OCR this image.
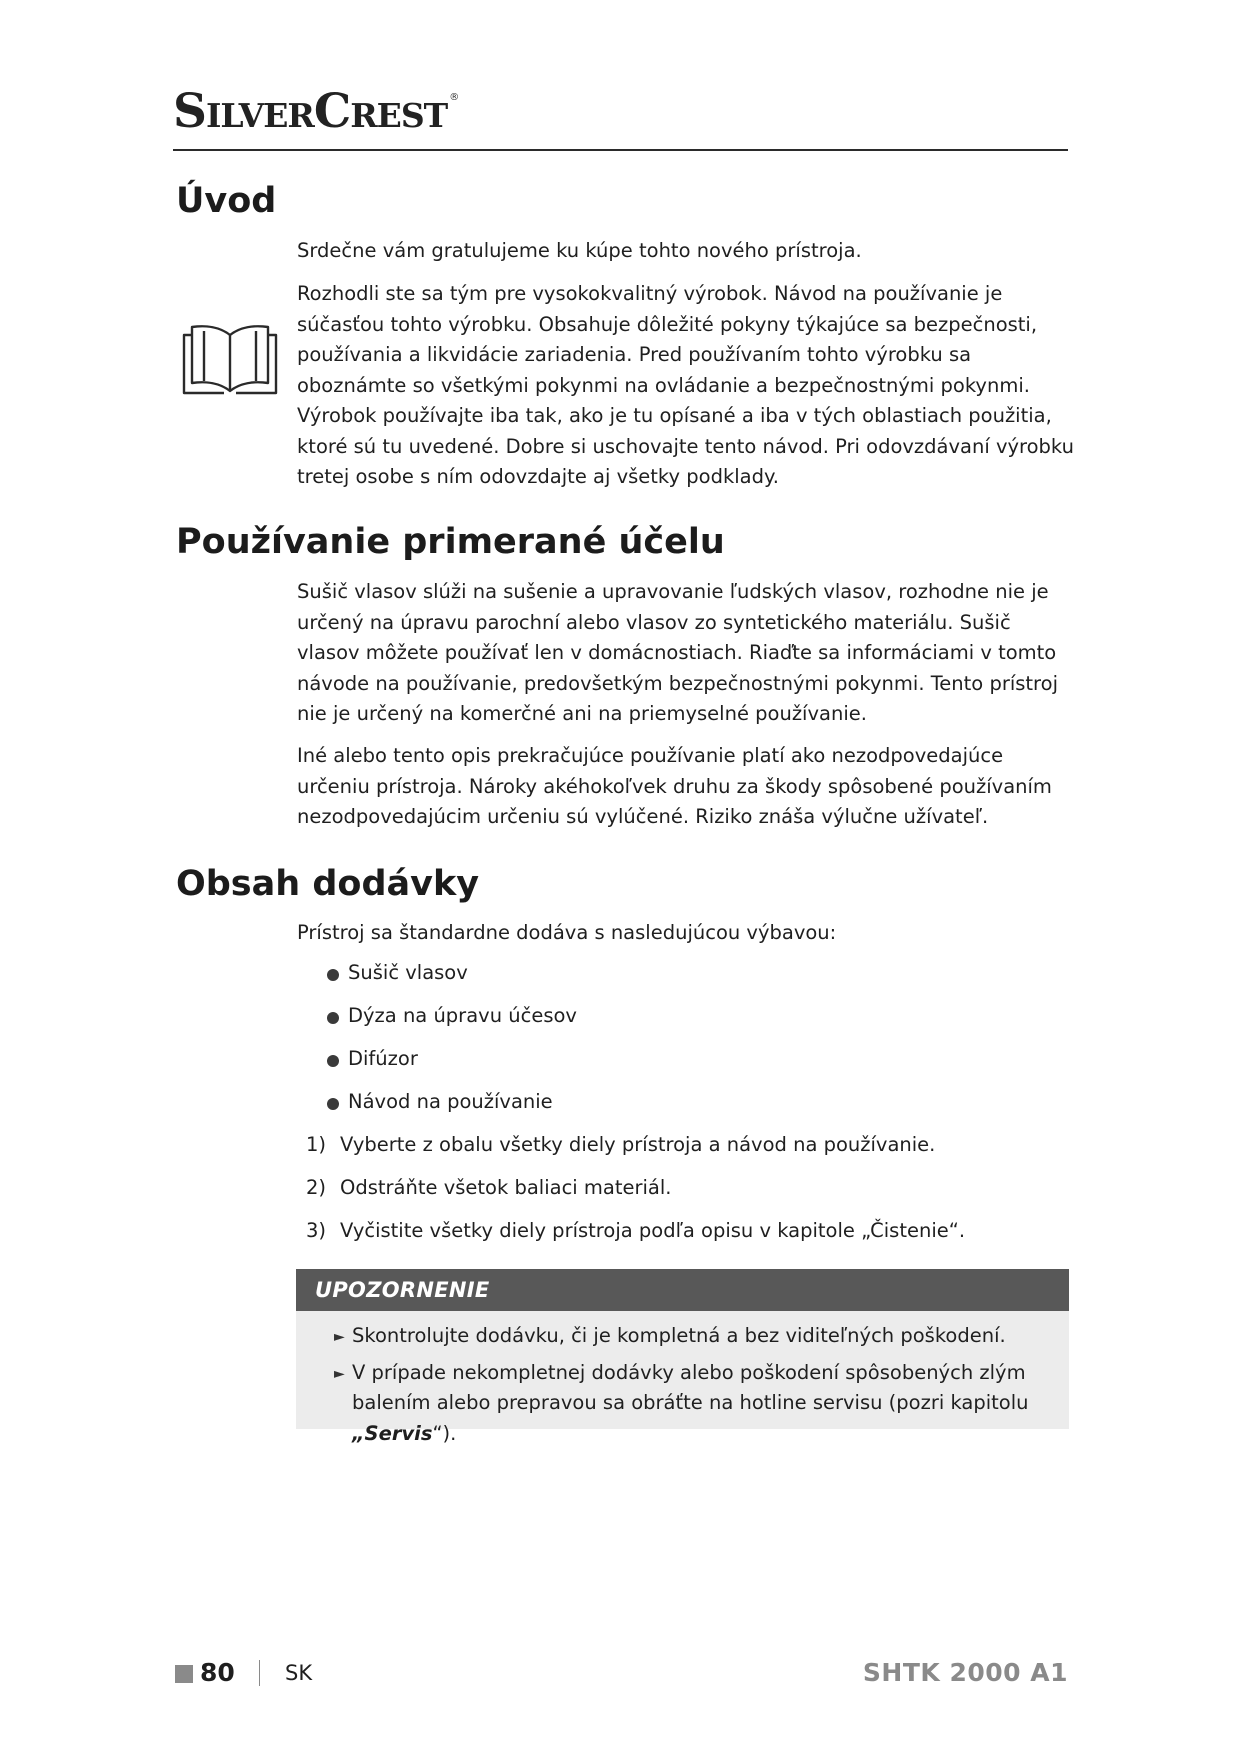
SilverCrest ®
Úvod

Srdečne vám gratulujeme ku kúpe tohto nového prístroja.

Rozhodli ste sa tým pre vysokokvalitný výrobok. Návod na používanie je súčasťou tohto výrobku. Obsahuje dôležité pokyny týkajúce sa bezpečnosti, používania a likvidácie zariadenia. Pred používaním tohto výrobku sa oboznámte so všetkými pokynmi na ovládanie a bezpečnostnými pokynmi. Výrobok používajte iba tak, ako je tu opísané a iba v tých oblastiach použitia, ktoré sú tu uvedené. Dobre si uschovajte tento návod. Pri odovzdávaní výrobku tretej osobe s ním odovzdajte aj všetky podklady.

Používanie primerané účelu

Sušič vlasov slúži na sušenie a upravovanie ľudských vlasov, rozhodne nie je určený na úpravu parochní alebo vlasov zo syntetického materiálu. Sušič vlasov môžete používať len v domácnostiach. Riaďte sa informáciami v tomto návode na používanie, predovšetkým bezpečnostnými pokynmi. Tento prístroj nie je určený na komerčné ani na priemyselné používanie.

Iné alebo tento opis prekračujúce používanie platí ako nezodpovedajúce určeniu prístroja. Nároky akéhokoľvek druhu za škody spôsobené používaním nezodpovedajúcim určeniu sú vylúčené. Riziko znáša výlučne užívateľ.

Obsah dodávky

Prístroj sa štandardne dodáva s nasledujúcou výbavou:

Sušič vlasov
Dýza na úpravu účesov
Difúzor
Návod na používanie
1) Vyberte z obalu všetky diely prístroja a návod na používanie.
2) Odstráňte všetok baliaci materiál.
3) Vyčistite všetky diely prístroja podľa opisu v kapitole „Čistenie“.
UPOZORNENIE
► Skontrolujte dodávku, či je kompletná a bez viditeľných poškodení.
► V prípade nekompletnej dodávky alebo poškodení spôsobených zlým balením alebo prepravou sa obráťte na hotline servisu (pozri kapitolu „Servis“).
80 SK	SHTK 2000 A1
